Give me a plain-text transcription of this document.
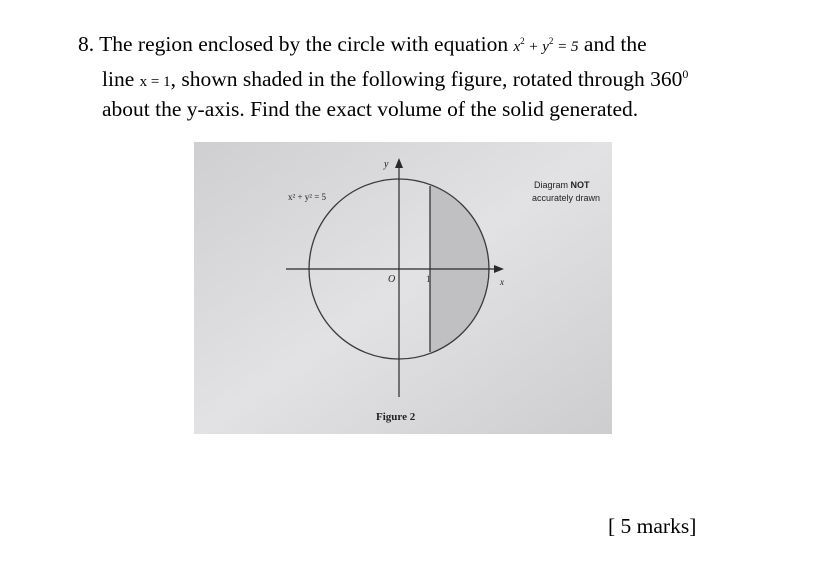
8. The region enclosed by the circle with equation $x^2 + y^2 = 5$ and the
line x = 1, shown shaded in the following figure, rotated through $360^0$
about the y-axis. Find the exact volume of the solid generated.
y
x
O	1
x² + y² = 5
Diagram NOT
accurately drawn
Figure 2
[ 5 marks]
